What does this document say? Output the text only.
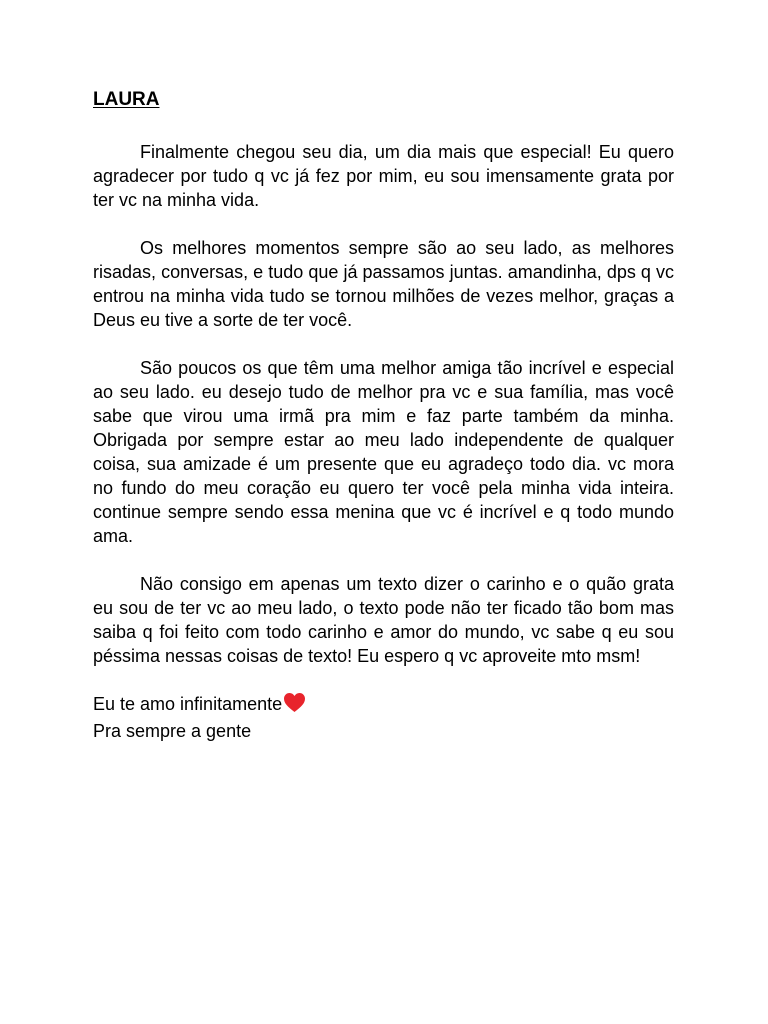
LAURA

Finalmente chegou seu dia, um dia mais que especial! Eu quero agradecer por tudo q vc já fez por mim, eu sou imensamente grata por ter vc na minha vida.

Os melhores momentos sempre são ao seu lado, as melhores risadas, conversas, e tudo que já passamos juntas. amandinha, dps q vc entrou na minha vida tudo se tornou milhões de vezes melhor, graças a Deus eu tive a sorte de ter você.

São poucos os que têm uma melhor amiga tão incrível e especial ao seu lado. eu desejo tudo de melhor pra vc e sua família, mas você sabe que virou uma irmã pra mim e faz parte também da minha. Obrigada por sempre estar ao meu lado independente de qualquer coisa, sua amizade é um presente que eu agradeço todo dia. vc mora no fundo do meu coração eu quero ter você pela minha vida inteira. continue sempre sendo essa menina que vc é incrível e q todo mundo ama.

Não consigo em apenas um texto dizer o carinho e o quão grata eu sou de ter vc ao meu lado, o texto pode não ter ficado tão bom mas saiba q foi feito com todo carinho e amor do mundo, vc sabe q eu sou péssima nessas coisas de texto! Eu espero q vc aproveite mto msm!

Eu te amo infinitamente
Pra sempre a gente
